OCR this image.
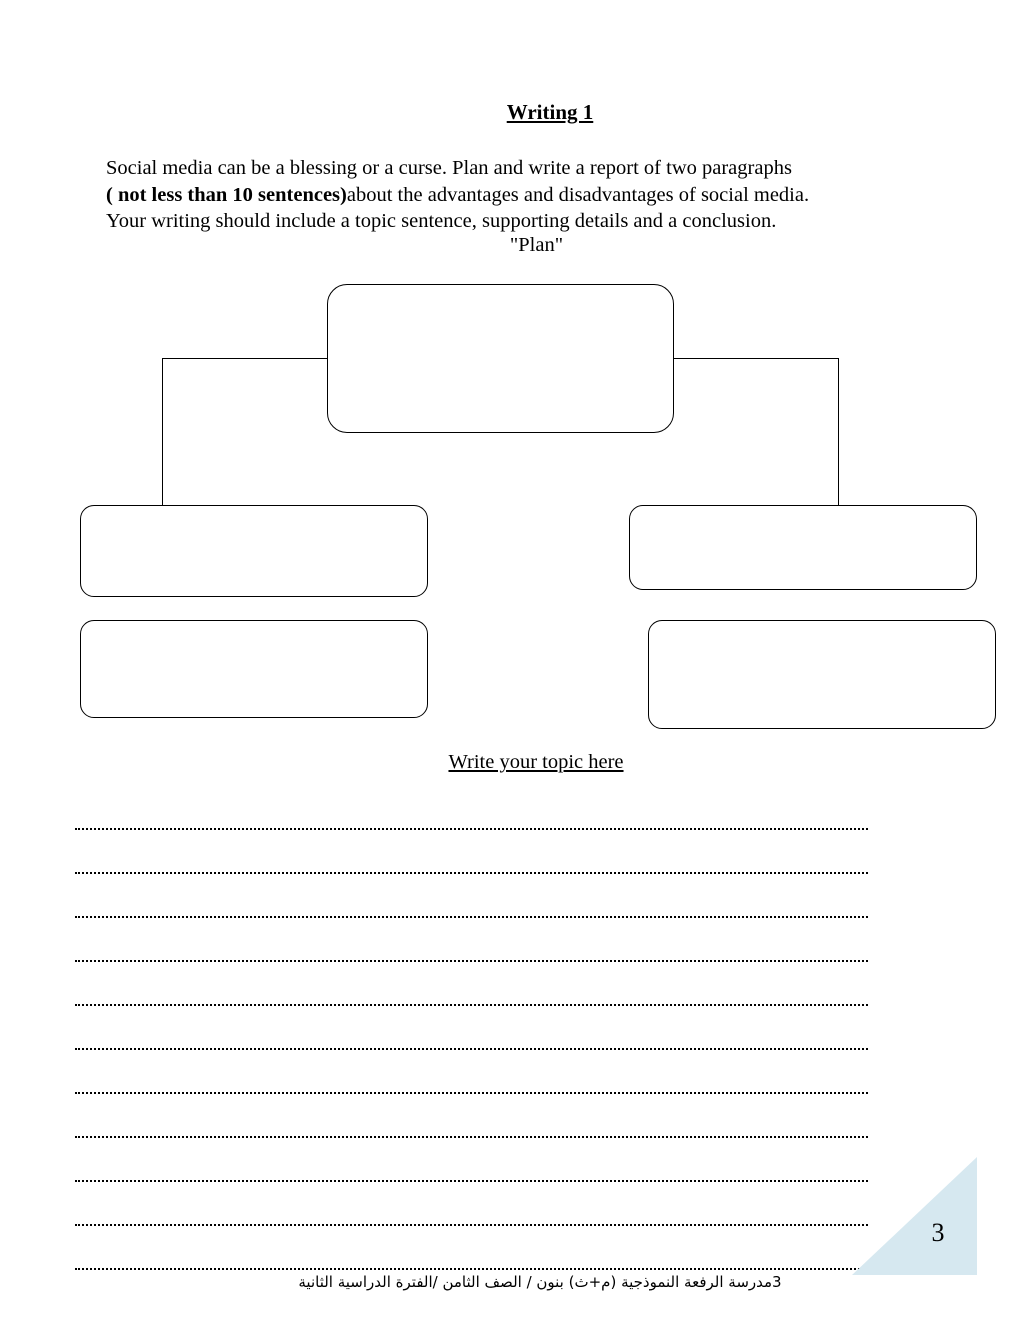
Writing 1
Social media can be a blessing or a curse. Plan and write a report of two paragraphs
( not less than 10 sentences)about the advantages and disadvantages of social media.
Your writing should include a topic sentence, supporting details and a conclusion.
"Plan"
Write your topic here
3
3مدرسة الرفعة النموذجية (م+ث) بنون / الصف الثامن /الفترة الدراسية الثانية
